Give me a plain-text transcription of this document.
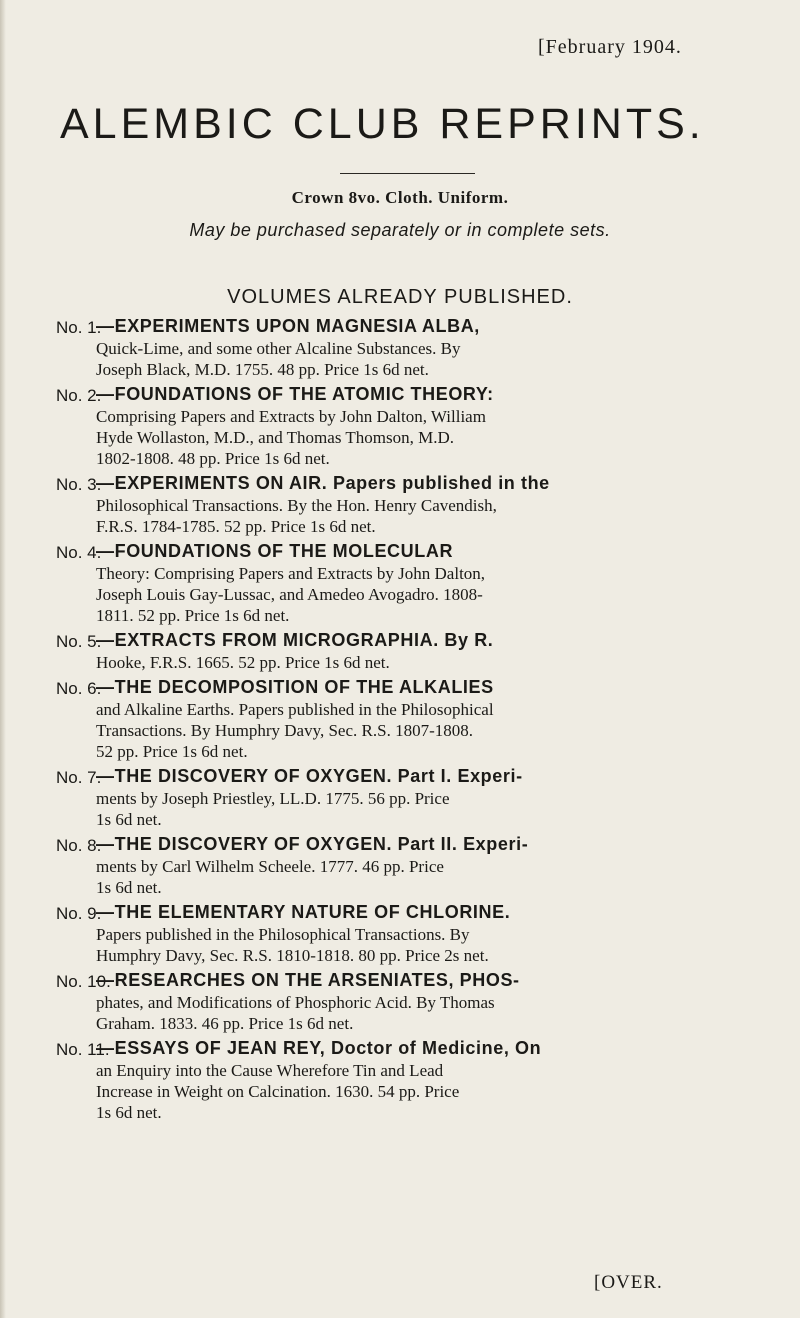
[February 1904.
ALEMBIC CLUB REPRINTS.
Crown 8vo. Cloth. Uniform.
May be purchased separately or in complete sets.
VOLUMES ALREADY PUBLISHED.
No. 1.
—EXPERIMENTS UPON MAGNESIA ALBA,
Quick-Lime, and some other Alcaline Substances. By
Joseph Black, M.D. 1755. 48 pp. Price 1s 6d net.
No. 2.
—FOUNDATIONS OF THE ATOMIC THEORY:
Comprising Papers and Extracts by John Dalton, William
Hyde Wollaston, M.D., and Thomas Thomson, M.D.
1802-1808. 48 pp. Price 1s 6d net.
No. 3.
—EXPERIMENTS ON AIR. Papers published in the
Philosophical Transactions. By the Hon. Henry Cavendish,
F.R.S. 1784-1785. 52 pp. Price 1s 6d net.
No. 4.
—FOUNDATIONS OF THE MOLECULAR
Theory: Comprising Papers and Extracts by John Dalton,
Joseph Louis Gay-Lussac, and Amedeo Avogadro. 1808-
1811. 52 pp. Price 1s 6d net.
No. 5.
—EXTRACTS FROM MICROGRAPHIA. By R.
Hooke, F.R.S. 1665. 52 pp. Price 1s 6d net.
No. 6.
—THE DECOMPOSITION OF THE ALKALIES
and Alkaline Earths. Papers published in the Philosophical
Transactions. By Humphry Davy, Sec. R.S. 1807-1808.
52 pp. Price 1s 6d net.
No. 7.
—THE DISCOVERY OF OXYGEN. Part I. Experi-
ments by Joseph Priestley, LL.D. 1775. 56 pp. Price
1s 6d net.
No. 8.
—THE DISCOVERY OF OXYGEN. Part II. Experi-
ments by Carl Wilhelm Scheele. 1777. 46 pp. Price
1s 6d net.
No. 9.
—THE ELEMENTARY NATURE OF CHLORINE.
Papers published in the Philosophical Transactions. By
Humphry Davy, Sec. R.S. 1810-1818. 80 pp. Price 2s net.
No. 10.
—RESEARCHES ON THE ARSENIATES, PHOS-
phates, and Modifications of Phosphoric Acid. By Thomas
Graham. 1833. 46 pp. Price 1s 6d net.
No. 11.
—ESSAYS OF JEAN REY, Doctor of Medicine, On
an Enquiry into the Cause Wherefore Tin and Lead
Increase in Weight on Calcination. 1630. 54 pp. Price
1s 6d net.
[OVER.
